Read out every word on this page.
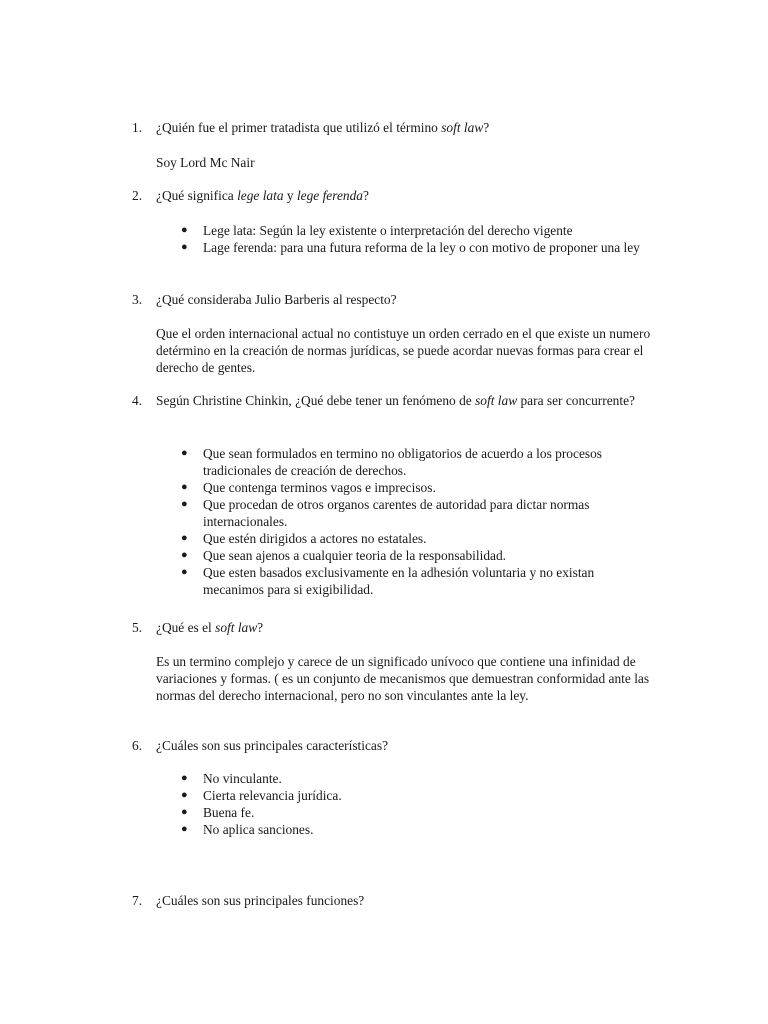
1. ¿Quién fue el primer tratadista que utilizó el término soft law?
Soy Lord Mc Nair
2. ¿Qué significa lege lata y lege ferenda?
● Lege lata: Según la ley existente o interpretación del derecho vigente
● Lage ferenda: para una futura reforma de la ley o con motivo de proponer una ley
3. ¿Qué consideraba Julio Barberis al respecto?
Que el orden internacional actual no contistuye un orden cerrado en el que existe un numero detérmino en la creación de normas jurídicas, se puede acordar nuevas formas para crear el derecho de gentes.
4. Según Christine Chinkin, ¿Qué debe tener un fenómeno de soft law para ser concurrente?
● Que sean formulados en termino no obligatorios de acuerdo a los procesos tradicionales de creación de derechos.
● Que contenga terminos vagos e imprecisos.
● Que procedan de otros organos carentes de autoridad para dictar normas internacionales.
● Que estén dirigidos a actores no estatales.
● Que sean ajenos a cualquier teoria de la responsabilidad.
● Que esten basados exclusivamente en la adhesión voluntaria y no existan mecanimos para si exigibilidad.
5. ¿Qué es el soft law?
Es un termino complejo y carece de un significado unívoco que contiene una infinidad de variaciones y formas. ( es un conjunto de mecanismos que demuestran conformidad ante las normas del derecho internacional, pero no son vinculantes ante la ley.
6. ¿Cuáles son sus principales características?
● No vinculante.
● Cierta relevancia jurídica.
● Buena fe.
● No aplica sanciones.
7. ¿Cuáles son sus principales funciones?
